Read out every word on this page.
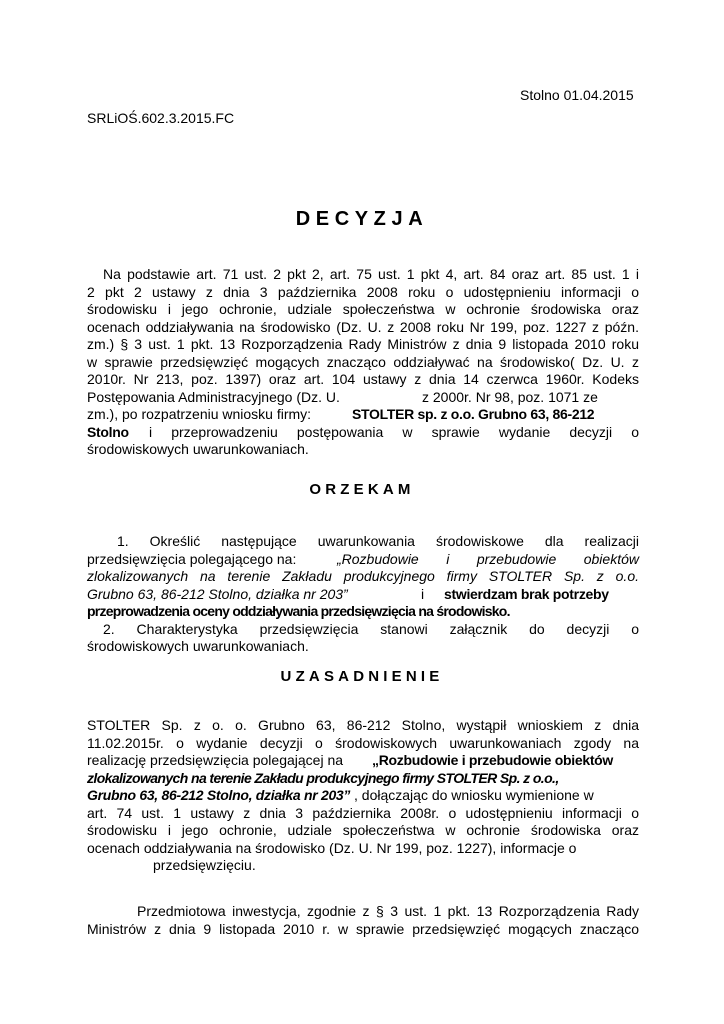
Stolno 01.04.2015
SRLiOŚ.602.3.2015.FC
DECYZJA
Na podstawie art. 71 ust. 2 pkt 2, art. 75 ust. 1 pkt 4, art. 84 oraz art. 85 ust. 1 i
2 pkt 2 ustawy z dnia 3 października 2008 roku o udostępnieniu informacji o
środowisku i jego ochronie, udziale społeczeństwa w ochronie środowiska oraz
ocenach oddziaływania na środowisko (Dz. U. z 2008 roku Nr 199, poz. 1227 z późn.
zm.) § 3 ust. 1 pkt. 13 Rozporządzenia Rady Ministrów z dnia 9 listopada 2010 roku
w sprawie przedsięwzięć mogących znacząco oddziaływać na środowisko( Dz. U. z
2010r. Nr 213, poz. 1397) oraz art. 104 ustawy z dnia 14 czerwca 1960r. Kodeks
Postępowania Administracyjnego (Dz. U.	z 2000r. Nr 98, poz. 1071 ze
zm.), po rozpatrzeniu wniosku firmy:	STOLTER sp. z o.o. Grubno 63, 86-212
Stolno i przeprowadzeniu postępowania w sprawie wydanie decyzji o
środowiskowych uwarunkowaniach.
ORZEKAM
1. Określić następujące uwarunkowania środowiskowe dla realizacji
przedsięwzięcia polegającego na:	„Rozbudowie i przebudowie obiektów
zlokalizowanych na terenie Zakładu produkcyjnego firmy STOLTER Sp. z o.o.
Grubno 63, 86-212 Stolno, działka nr 203”	i stwierdzam brak potrzeby
przeprowadzenia oceny oddziaływania przedsięwzięcia na środowisko.
2. Charakterystyka przedsięwzięcia stanowi załącznik do decyzji o
środowiskowych uwarunkowaniach.
UZASADNIENIE
STOLTER Sp. z o. o. Grubno 63, 86-212 Stolno, wystąpił wnioskiem z dnia
11.02.2015r. o wydanie decyzji o środowiskowych uwarunkowaniach zgody na
realizację przedsięwzięcia polegającej na „Rozbudowie i przebudowie obiektów
zlokalizowanych na terenie Zakładu produkcyjnego firmy STOLTER Sp. z o.o.,
Grubno 63, 86-212 Stolno, działka nr 203” , dołączając do wniosku wymienione w
art. 74 ust. 1 ustawy z dnia 3 października 2008r. o udostępnieniu informacji o
środowisku i jego ochronie, udziale społeczeństwa w ochronie środowiska oraz
ocenach oddziaływania na środowisko (Dz. U. Nr 199, poz. 1227), informacje o
przedsięwzięciu.
Przedmiotowa inwestycja, zgodnie z § 3 ust. 1 pkt. 13 Rozporządzenia Rady
Ministrów z dnia 9 listopada 2010 r. w sprawie przedsięwzięć mogących znacząco
